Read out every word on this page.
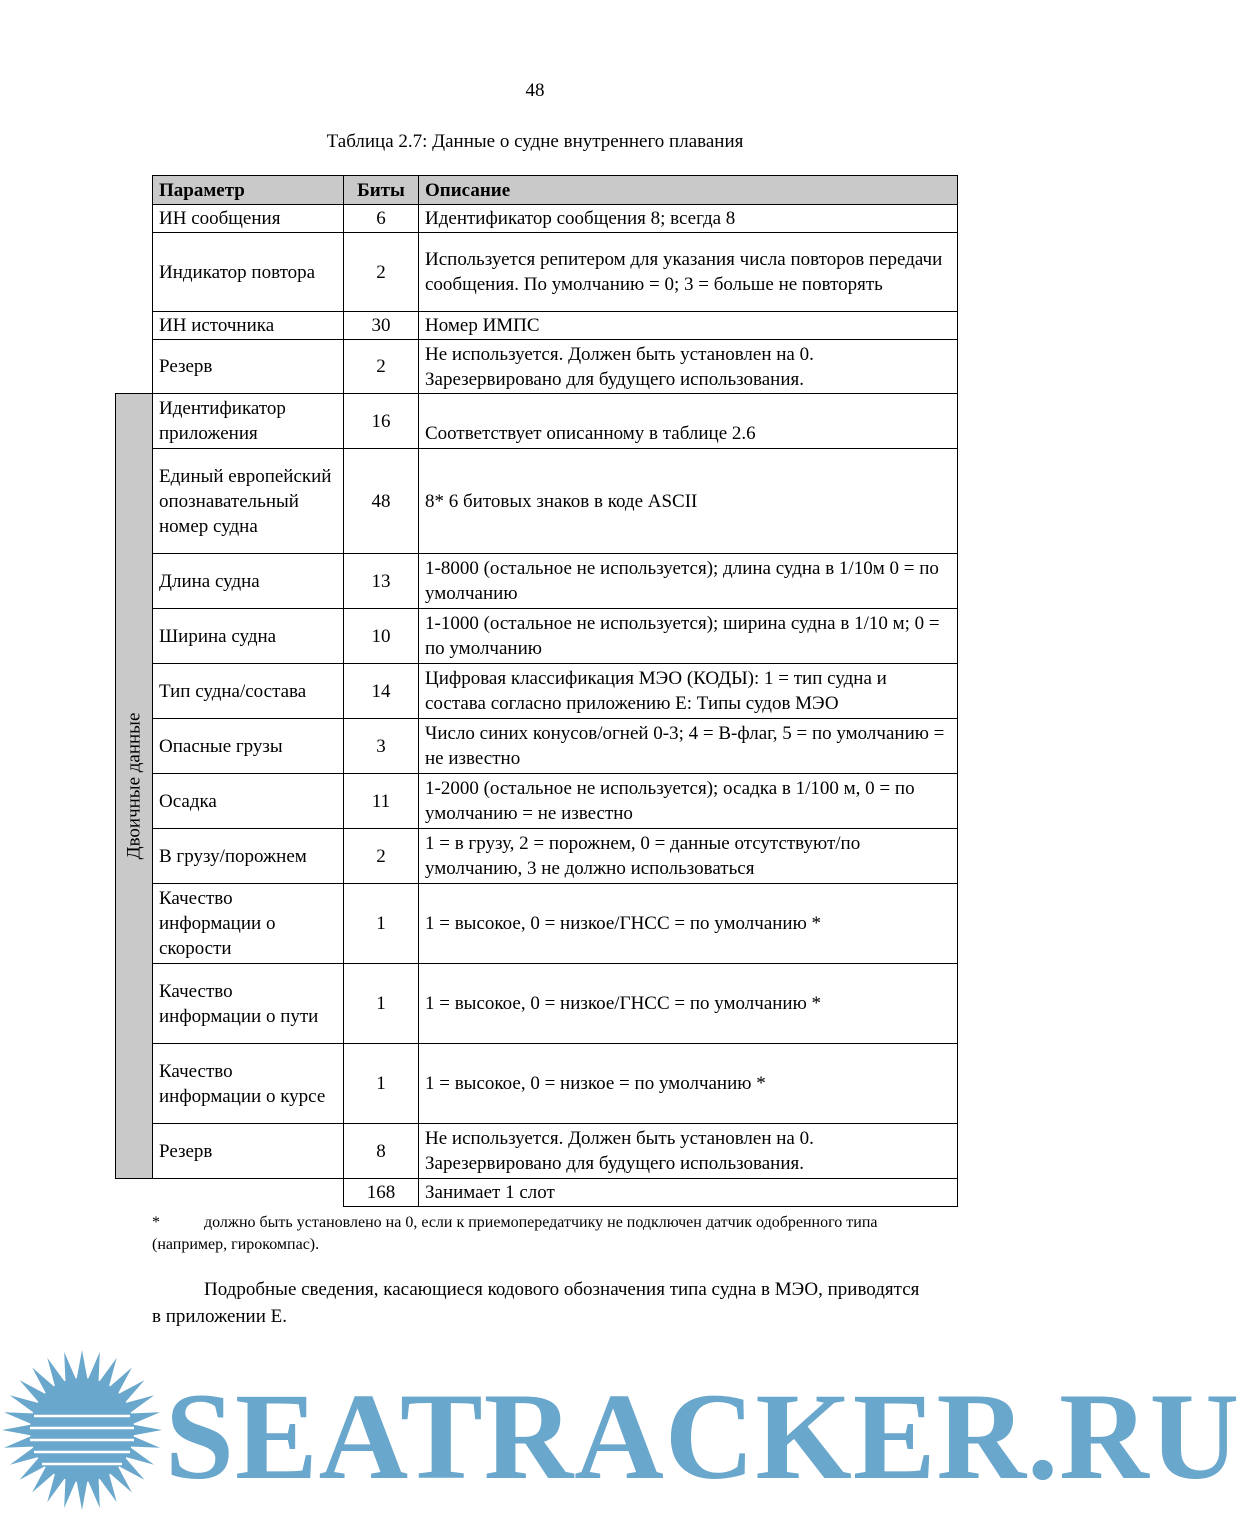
48
Таблица 2.7: Данные о судне внутреннего плавания
	Параметр	Биты	Описание
	ИН сообщения	6	Идентификатор сообщения 8; всегда 8
	Индикатор повтора	2	Используется репитером для указания числа повторов передачи сообщения. По умолчанию = 0; 3 = больше не повторять
	ИН источника	30	Номер ИМПС
	Резерв	2	Не используется. Должен быть установлен на 0. Зарезервировано для будущего использования.

Двоичные данные	Идентификатор приложения	16	Соответствует описанному в таблице 2.6
	Единый европейский опознавательный номер судна	48	8* 6 битовых знаков в коде ASCII
	Длина судна	13	1-8000 (остальное не используется); длина судна в 1/10м 0 = по умолчанию
	Ширина судна	10	1-1000 (остальное не используется); ширина судна в 1/10 м; 0 = по умолчанию
	Тип судна/состава	14	Цифровая классификация МЭО (КОДЫ): 1 = тип судна и состава согласно приложению Е: Типы судов МЭО
	Опасные грузы	3	Число синих конусов/огней 0-3; 4 = В-флаг, 5 = по умолчанию = не известно
	Осадка	11	1-2000 (остальное не используется); осадка в 1/100 м, 0 = по умолчанию = не известно
	В грузу/порожнем	2	1 = в грузу, 2 = порожнем, 0 = данные отсутствуют/по умолчанию, 3 не должно использоваться
	Качество информации о скорости	1	1 = высокое, 0 = низкое/ГНСС = по умолчанию *
	Качество информации о пути	1	1 = высокое, 0 = низкое/ГНСС = по умолчанию *
	Качество информации о курсе	1	1 = высокое, 0 = низкое = по умолчанию *
	Резерв	8	Не используется. Должен быть установлен на 0. Зарезервировано для будущего использования.
		168	Занимает 1 слот
*	должно быть установлено на 0, если к приемопередатчику не подключен датчик одобренного типа (например, гирокомпас).
Подробные сведения, касающиеся кодового обозначения типа судна в МЭО, приводятся в приложении Е.
SEATRACKER.RU
